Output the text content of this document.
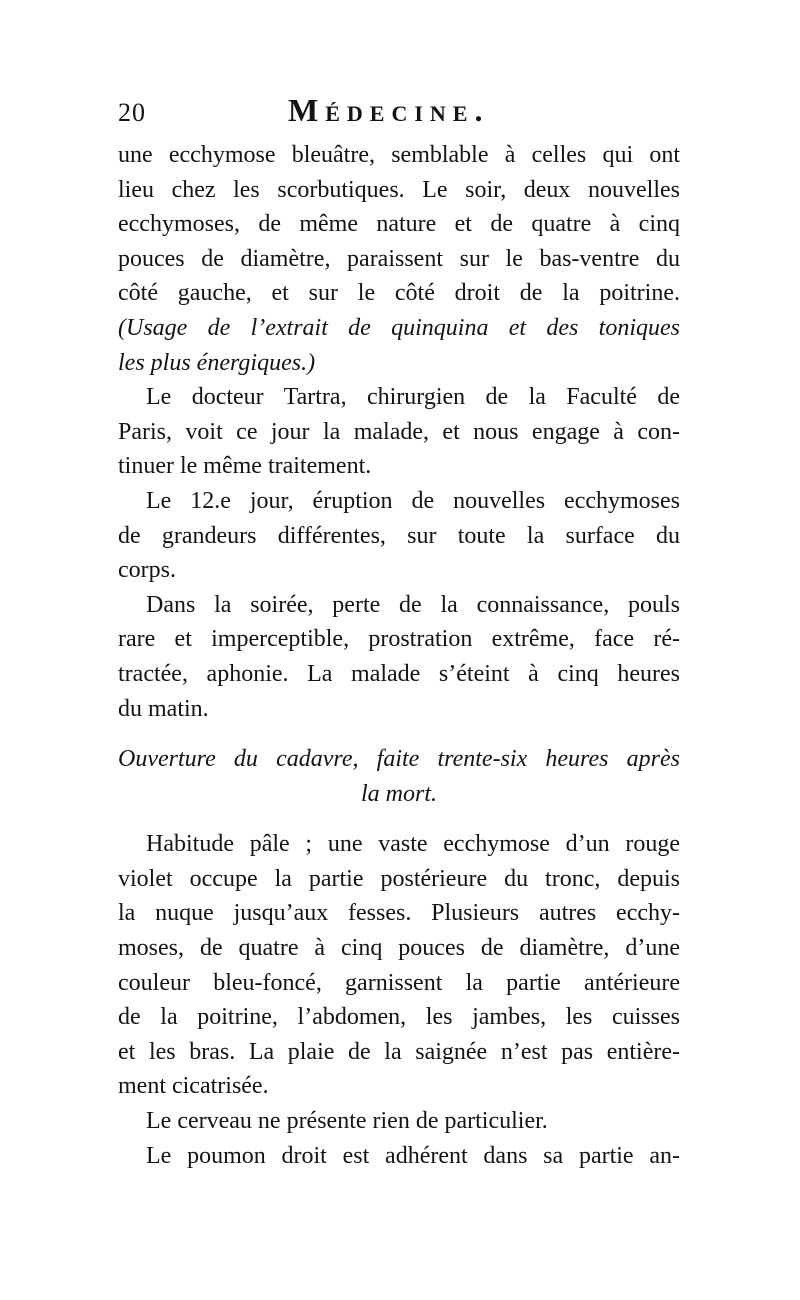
20	Médecine.
une ecchymose bleuâtre, semblable à celles qui ont
lieu chez les scorbutiques. Le soir, deux nouvelles
ecchymoses, de même nature et de quatre à cinq
pouces de diamètre, paraissent sur le bas-ventre du
côté gauche, et sur le côté droit de la poitrine.
(Usage de l’extrait de quinquina et des toniques
les plus énergiques.)
Le docteur Tartra, chirurgien de la Faculté de
Paris, voit ce jour la malade, et nous engage à con-
tinuer le même traitement.
Le 12.e jour, éruption de nouvelles ecchymoses
de grandeurs différentes, sur toute la surface du
corps.
Dans la soirée, perte de la connaissance, pouls
rare et imperceptible, prostration extrême, face ré-
tractée, aphonie. La malade s’éteint à cinq heures
du matin.
Ouverture du cadavre, faite trente-six heures après
la mort.
Habitude pâle ; une vaste ecchymose d’un rouge
violet occupe la partie postérieure du tronc, depuis
la nuque jusqu’aux fesses. Plusieurs autres ecchy-
moses, de quatre à cinq pouces de diamètre, d’une
couleur bleu-foncé, garnissent la partie antérieure
de la poitrine, l’abdomen, les jambes, les cuisses
et les bras. La plaie de la saignée n’est pas entière-
ment cicatrisée.
Le cerveau ne présente rien de particulier.
Le poumon droit est adhérent dans sa partie an-
